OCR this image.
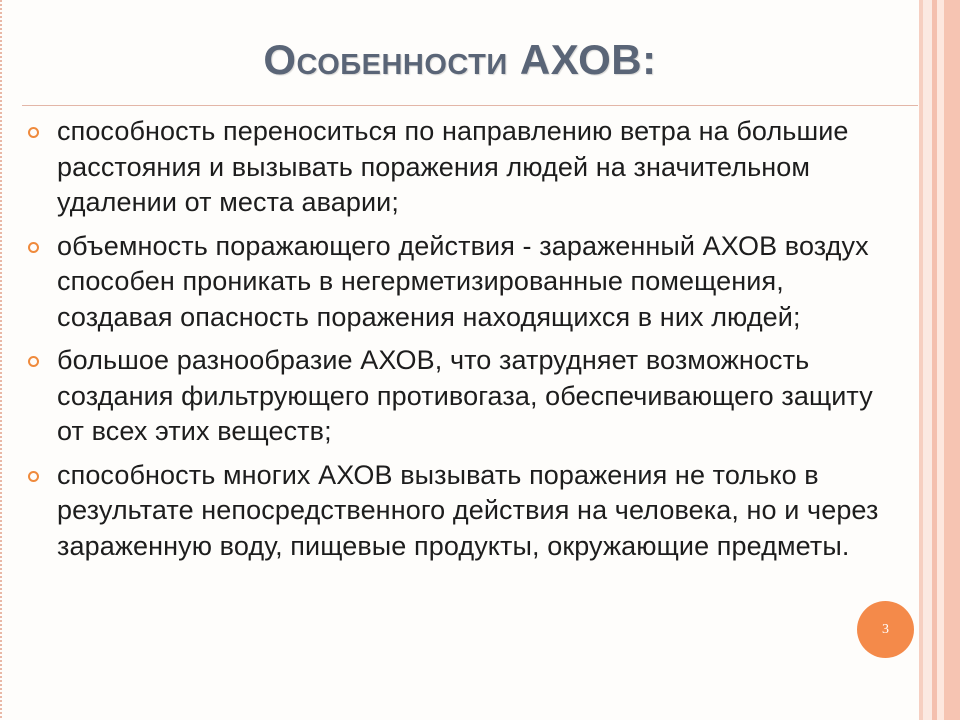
Особенности АХОВ:
способность переноситься по направлению ветра на большие расстояния и вызывать поражения людей на значительном удалении от места аварии;
объемность поражающего действия - зараженный АХОВ воздух способен проникать в негерметизированные помещения, создавая опасность поражения находящихся в них людей;
большое разнообразие АХОВ, что затрудняет возможность создания фильтрующего противогаза, обеспечивающего защиту от всех этих веществ;
способность многих АХОВ вызывать поражения не только в результате непосредственного действия на человека, но и через зараженную воду, пищевые продукты, окружающие предметы.
3
